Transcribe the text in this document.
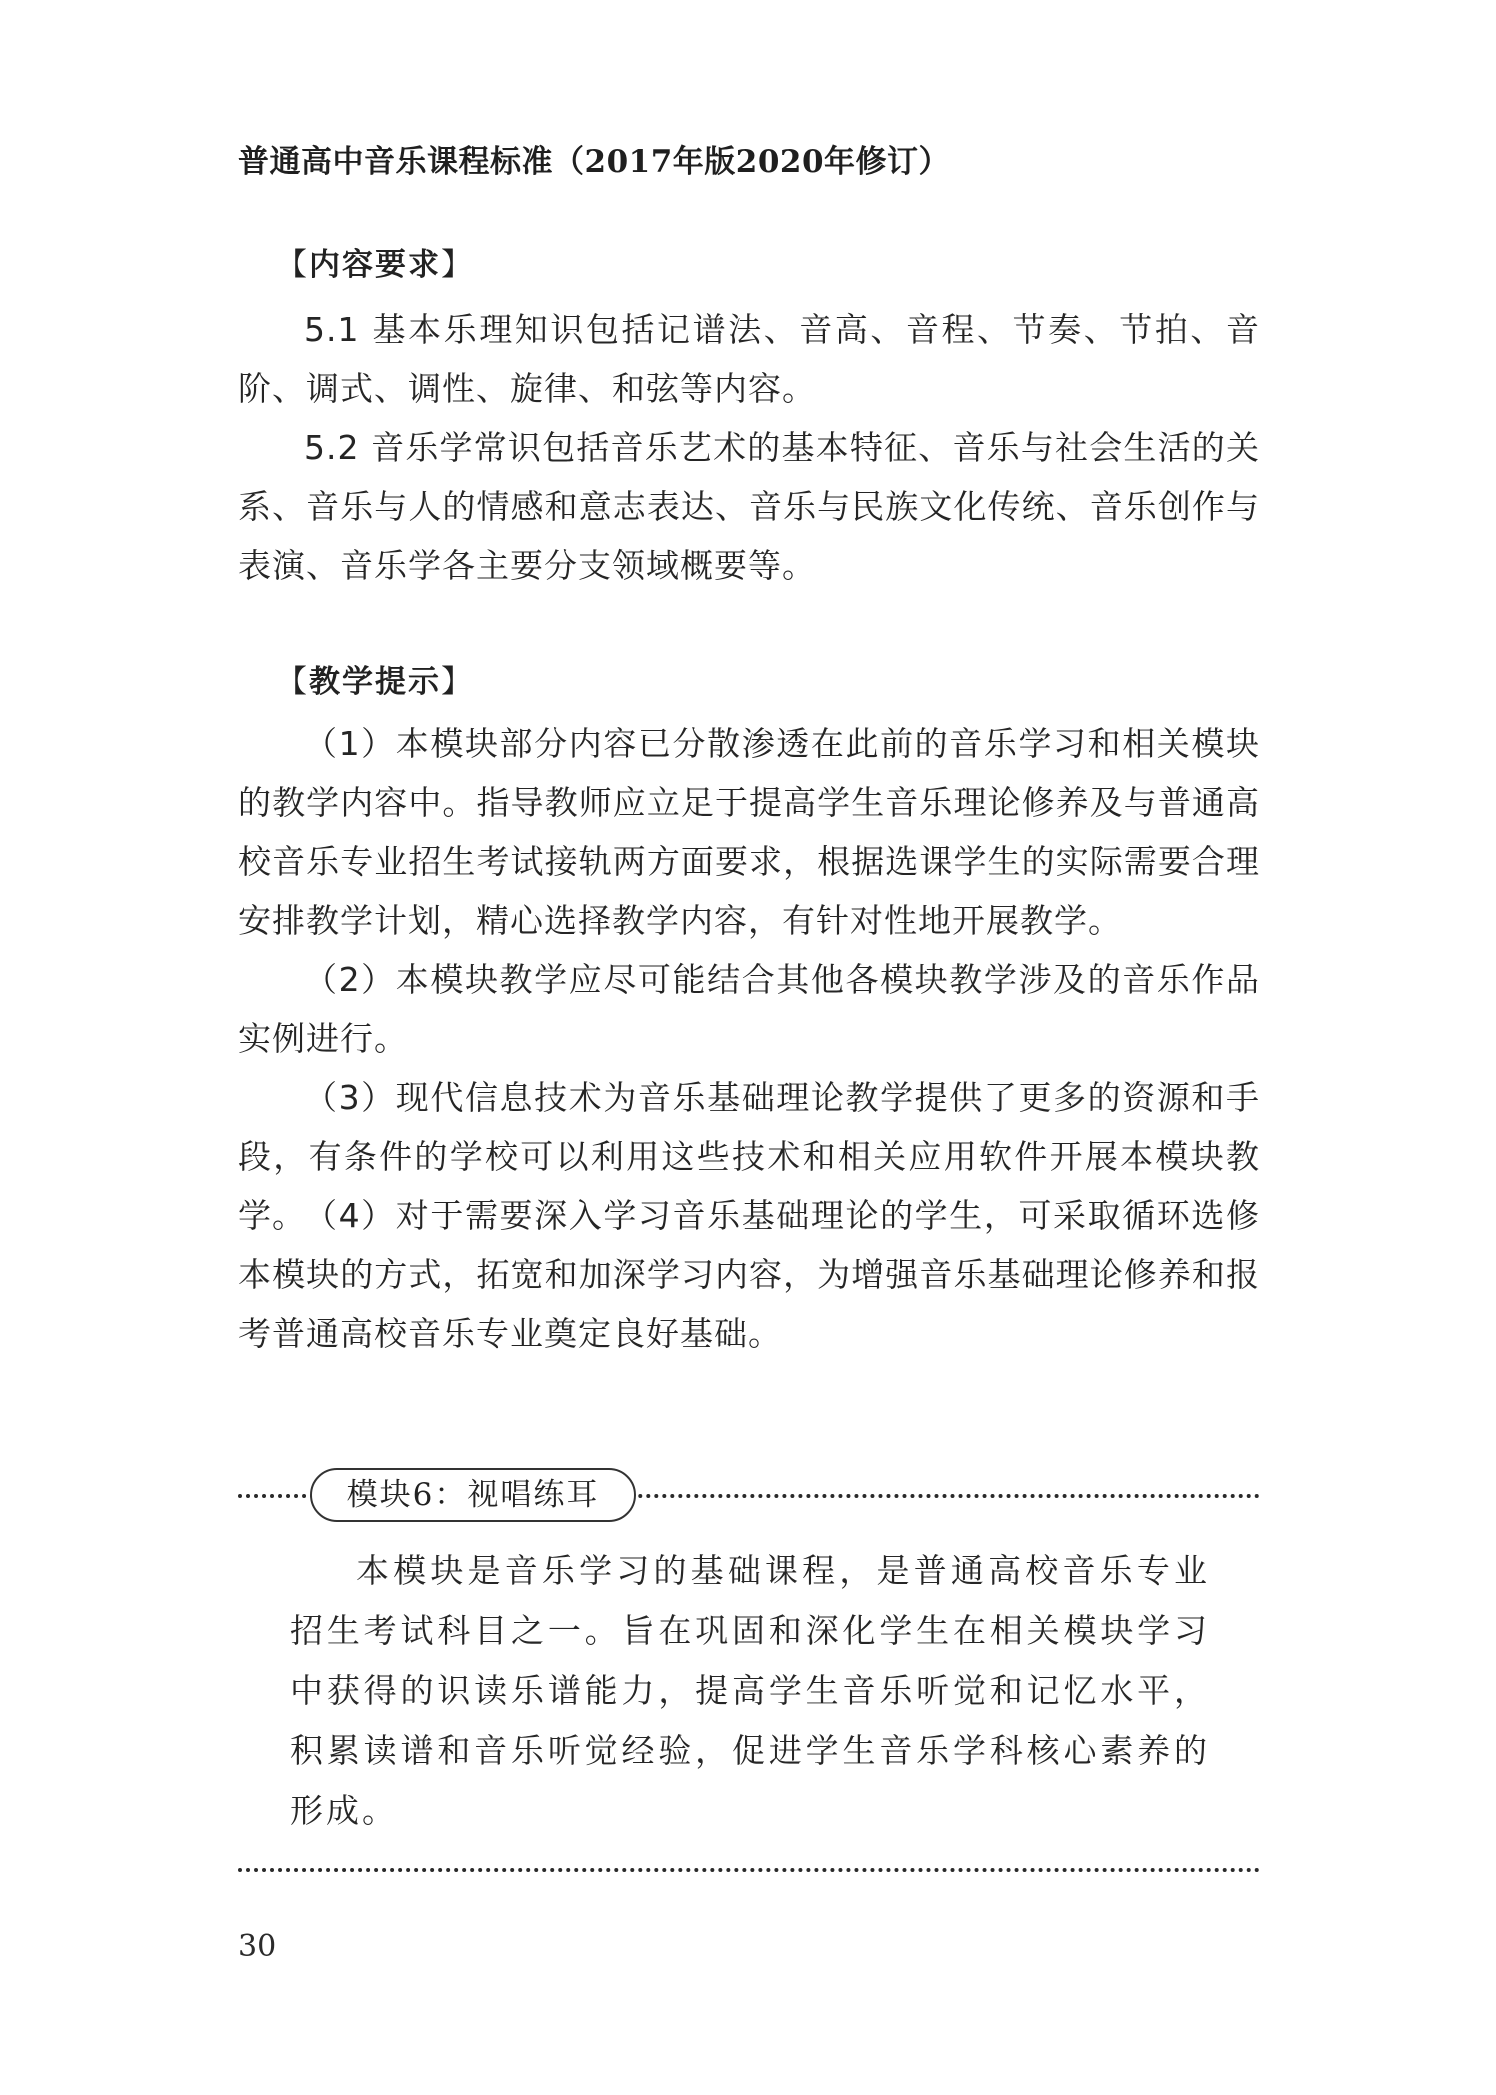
普通高中音乐课程标准（2017年版2020年修订）
【内容要求】

5.1 基本乐理知识包括记谱法、音高、音程、节奏、节拍、音阶、调式、调性、旋律、和弦等内容。

5.2 音乐学常识包括音乐艺术的基本特征、音乐与社会生活的关系、音乐与人的情感和意志表达、音乐与民族文化传统、音乐创作与表演、音乐学各主要分支领域概要等。

【教学提示】

（1）本模块部分内容已分散渗透在此前的音乐学习和相关模块的教学内容中。指导教师应立足于提高学生音乐理论修养及与普通高校音乐专业招生考试接轨两方面要求，根据选课学生的实际需要合理安排教学计划，精心选择教学内容，有针对性地开展教学。

（2）本模块教学应尽可能结合其他各模块教学涉及的音乐作品实例进行。

（3）现代信息技术为音乐基础理论教学提供了更多的资源和手段，有条件的学校可以利用这些技术和相关应用软件开展本模块教学。

（4）对于需要深入学习音乐基础理论的学生，可采取循环选修本模块的方式，拓宽和加深学习内容，为增强音乐基础理论修养和报考普通高校音乐专业奠定良好基础。

模块6：视唱练耳

本模块是音乐学习的基础课程，是普通高校音乐专业招生考试科目之一。旨在巩固和深化学生在相关模块学习中获得的识读乐谱能力，提高学生音乐听觉和记忆水平，积累读谱和音乐听觉经验，促进学生音乐学科核心素养的形成。

30
